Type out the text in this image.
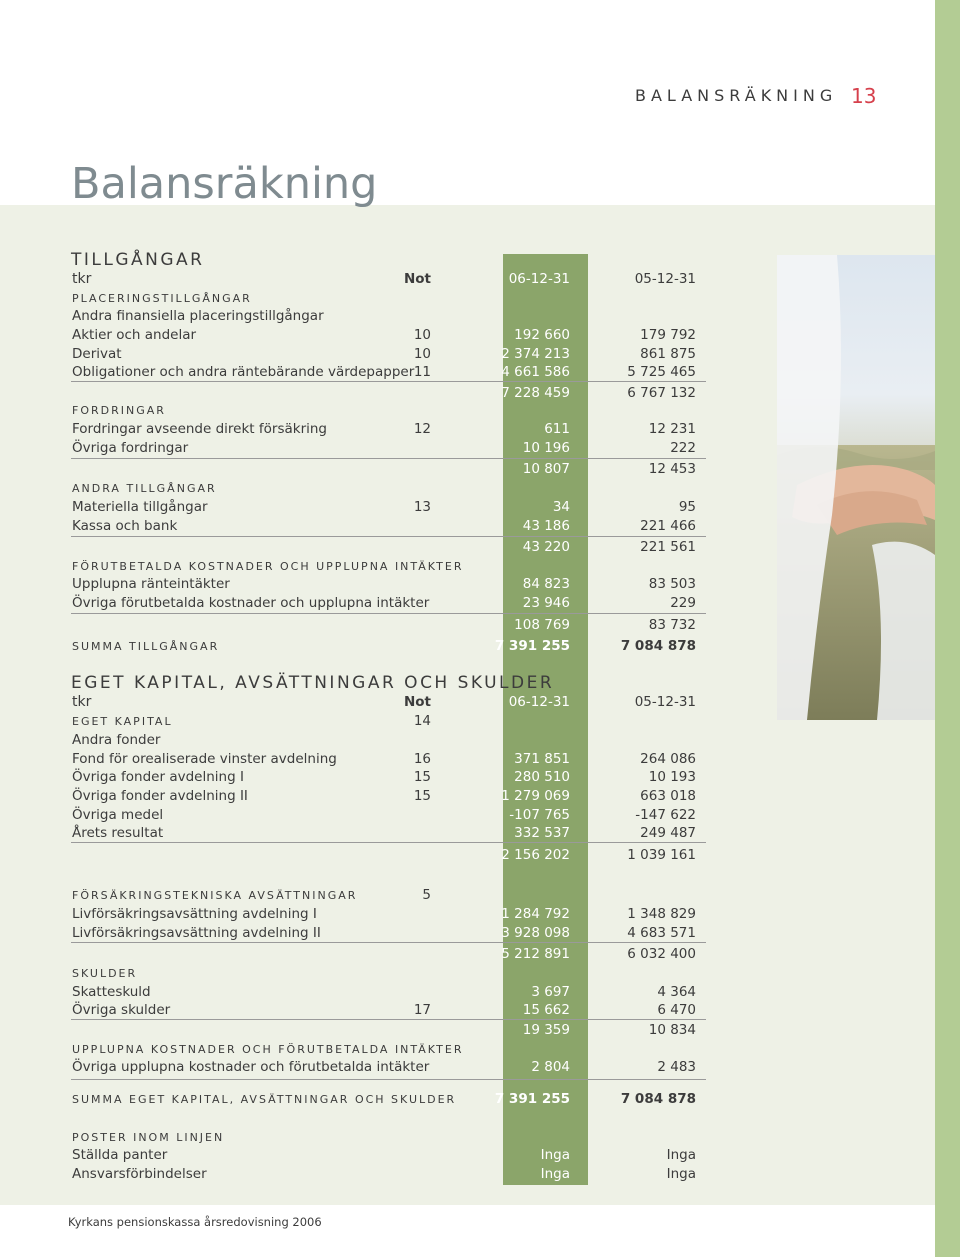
BALANSRÄKNING 13
Balansräkning
TILLGÅNGAR
tkr	Not	06-12-31	05-12-31
PLACERINGSTILLGÅNGAR
Andra finansiella placeringstillgångar
Aktier och andelar	10	192 660	179 792
Derivat	10	2 374 213	861 875
Obligationer och andra räntebärande värdepapper 11	4 661 586	5 725 465
7 228 459	6 767 132
FORDRINGAR
Fordringar avseende direkt försäkring	12	611	12 231
Övriga fordringar	10 196	222
10 807	12 453
ANDRA TILLGÅNGAR
Materiella tillgångar	13	34	95
Kassa och bank	43 186	221 466
43 220	221 561
FÖRUTBETALDA KOSTNADER OCH UPPLUPNA INTÄKTER
Upplupna ränteintäkter	84 823	83 503
Övriga förutbetalda kostnader och upplupna intäkter	23 946	229
108 769	83 732
SUMMA TILLGÅNGAR	7 391 255	7 084 878
EGET KAPITAL, AVSÄTTNINGAR OCH SKULDER
tkr	Not	06-12-31	05-12-31
EGET KAPITAL	14
Andra fonder
Fond för orealiserade vinster avdelning	16	371 851	264 086
Övriga fonder avdelning I	15	280 510	10 193
Övriga fonder avdelning II	15	1 279 069	663 018
Övriga medel	-107 765	-147 622
Årets resultat	332 537	249 487
2 156 202	1 039 161
FÖRSÄKRINGSTEKNISKA AVSÄTTNINGAR	5
Livförsäkringsavsättning avdelning I	1 284 792	1 348 829
Livförsäkringsavsättning avdelning II	3 928 098	4 683 571
5 212 891	6 032 400
SKULDER
Skatteskuld	3 697	4 364
Övriga skulder	17	15 662	6 470
19 359	10 834
UPPLUPNA KOSTNADER OCH FÖRUTBETALDA INTÄKTER
Övriga upplupna kostnader och förutbetalda intäkter	2 804	2 483
SUMMA EGET KAPITAL, AVSÄTTNINGAR OCH SKULDER	7 391 255	7 084 878
POSTER INOM LINJEN
Ställda panter	Inga	Inga
Ansvarsförbindelser	Inga	Inga
Kyrkans pensionskassa årsredovisning 2006
